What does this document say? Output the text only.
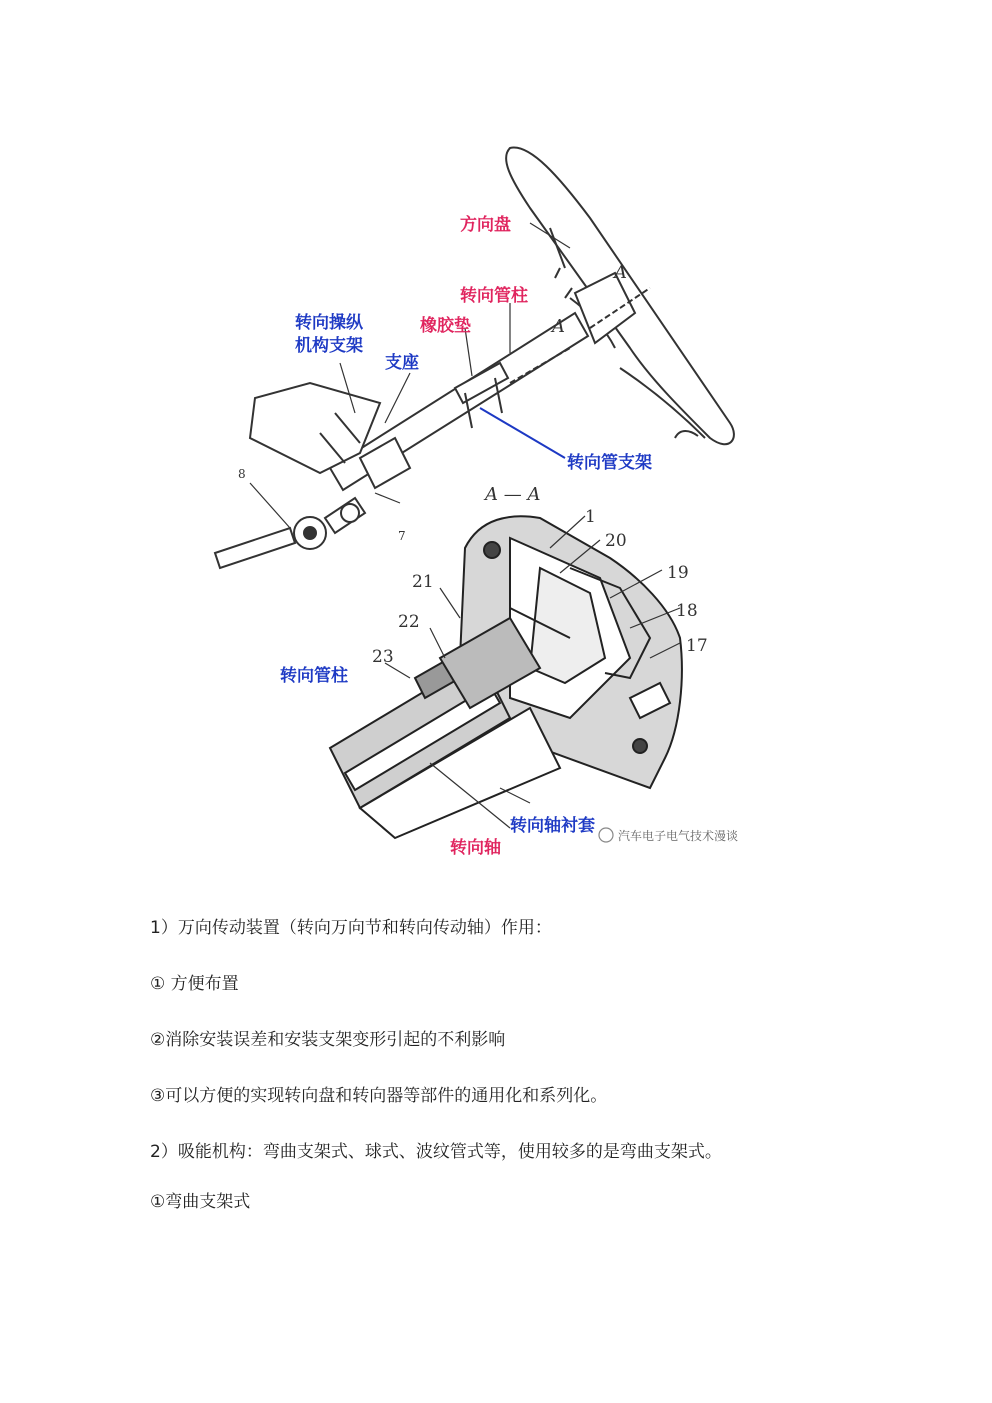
方向盘
转向管柱
转向操纵
机构支架
橡胶垫
支座
转向管支架
转向管柱
转向轴衬套
转向轴
A
A
A — A
1
7
8
17
18
19
20
21
22
23
汽车电子电气技术漫谈
1）万向传动装置（转向万向节和转向传动轴）作用：
① 方便布置
②消除安装误差和安装支架变形引起的不利影响
③可以方便的实现转向盘和转向器等部件的通用化和系列化。
2）吸能机构：弯曲支架式、球式、波纹管式等，使用较多的是弯曲支架式。
①弯曲支架式
